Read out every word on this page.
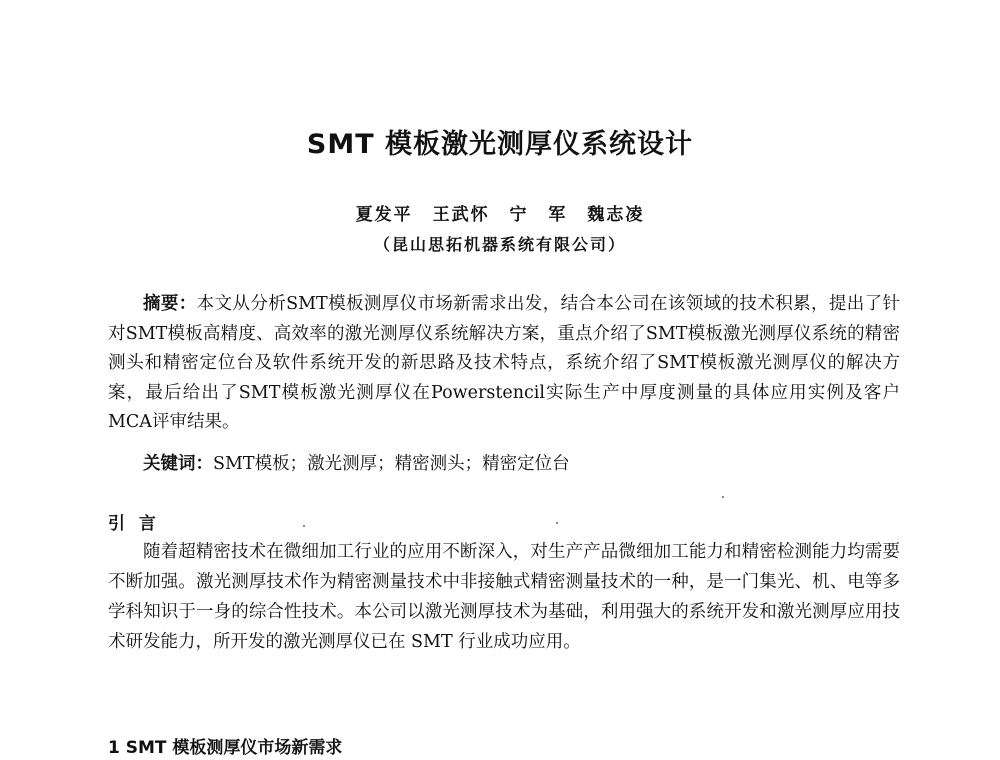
SMT 模板激光测厚仪系统设计
夏发平 王武怀 宁 军 魏志凌
（昆山思拓机器系统有限公司）
摘要：本文从分析SMT模板测厚仪市场新需求出发，结合本公司在该领域的技术积累，提出了针对SMT模板高精度、高效率的激光测厚仪系统解决方案，重点介绍了SMT模板激光测厚仪系统的精密测头和精密定位台及软件系统开发的新思路及技术特点，系统介绍了SMT模板激光测厚仪的解决方案，最后给出了SMT模板激光测厚仪在Powerstencil实际生产中厚度测量的具体应用实例及客户MCA评审结果。
关键词：SMT模板；激光测厚；精密测头；精密定位台
引 言
随着超精密技术在微细加工行业的应用不断深入，对生产产品微细加工能力和精密检测能力均需要不断加强。激光测厚技术作为精密测量技术中非接触式精密测量技术的一种，是一门集光、机、电等多学科知识于一身的综合性技术。本公司以激光测厚技术为基础，利用强大的系统开发和激光测厚应用技术研发能力，所开发的激光测厚仪已在 SMT 行业成功应用。
1 SMT 模板测厚仪市场新需求
